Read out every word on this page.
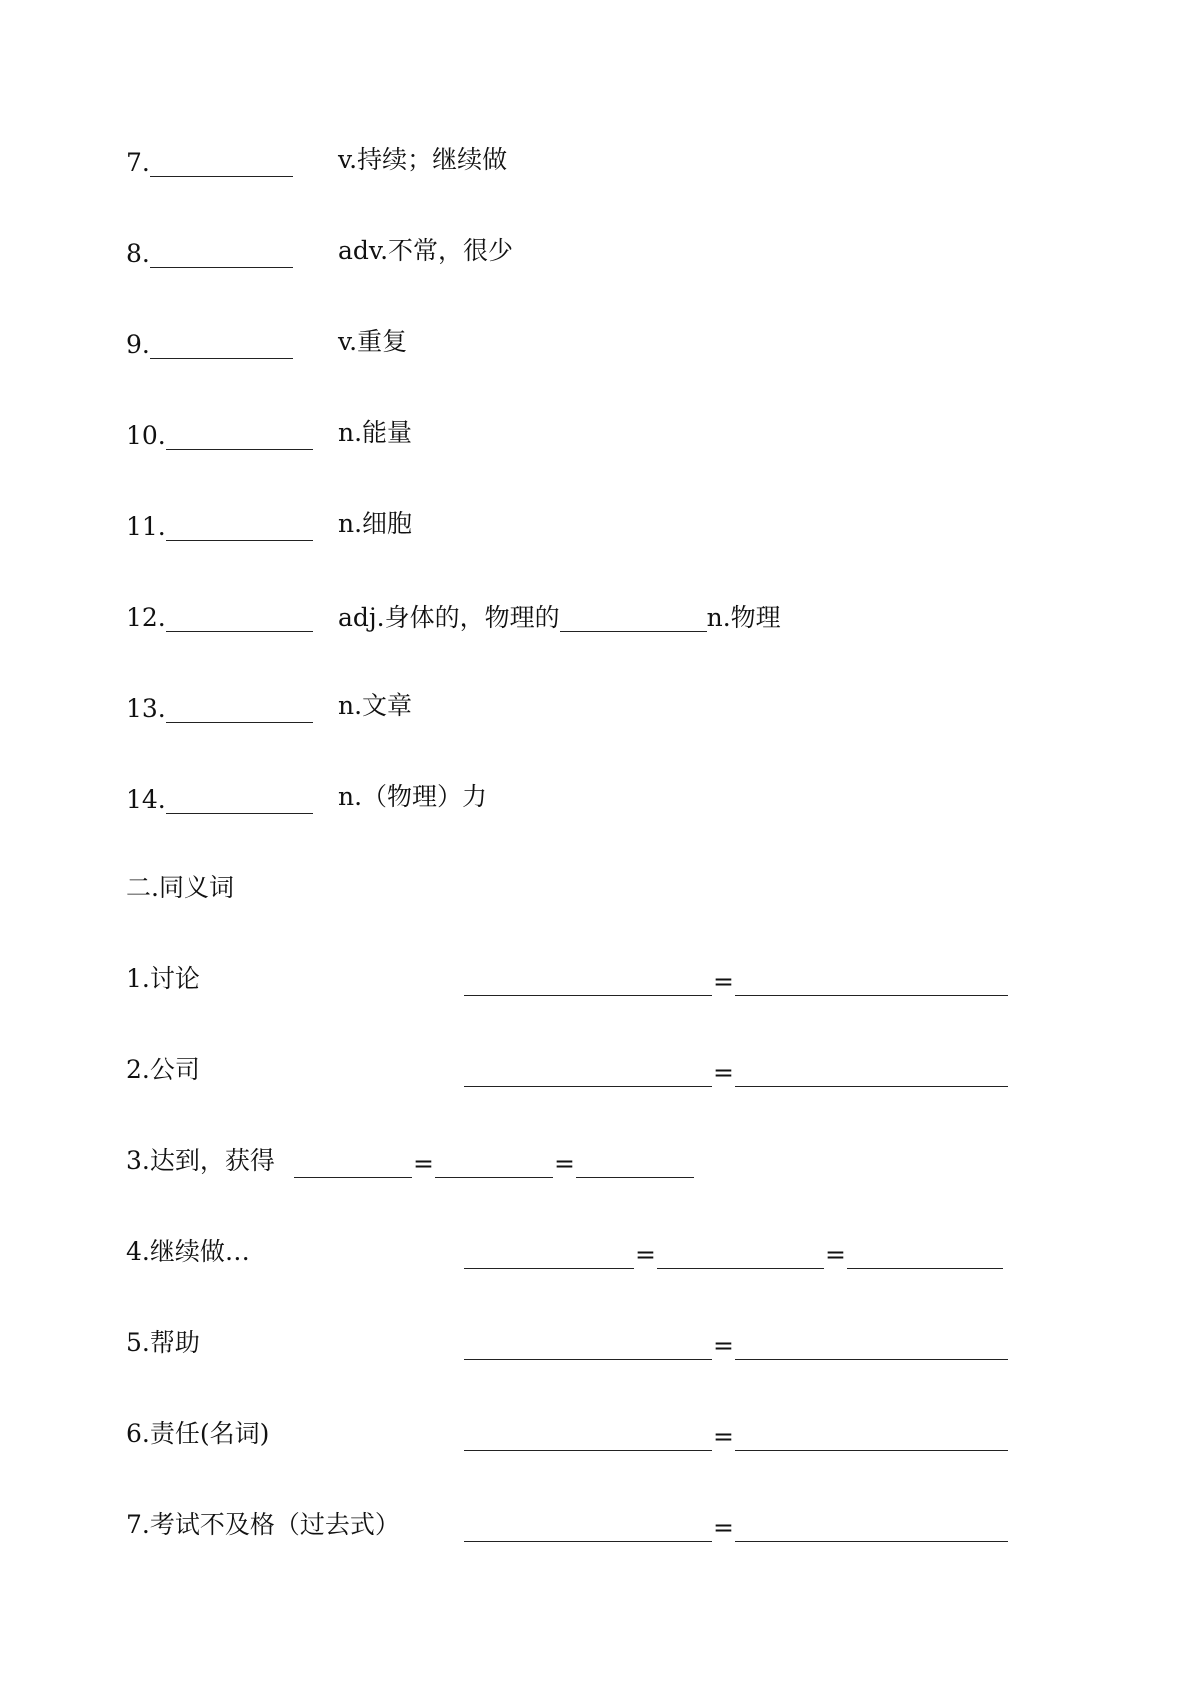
7.	v.持续；继续做
8.	adv.不常，很少
9.	v.重复
10.	n.能量
11.	n.细胞
12.	adj.身体的，物理的	n.物理
13.	n.文章
14.	n.（物理）力
二.同义词
1.讨论	=
2.公司	=
3.达到，获得	=	=
4.继续做…	=	=
5.帮助	=
6.责任(名词)	=
7.考试不及格（过去式）	=
